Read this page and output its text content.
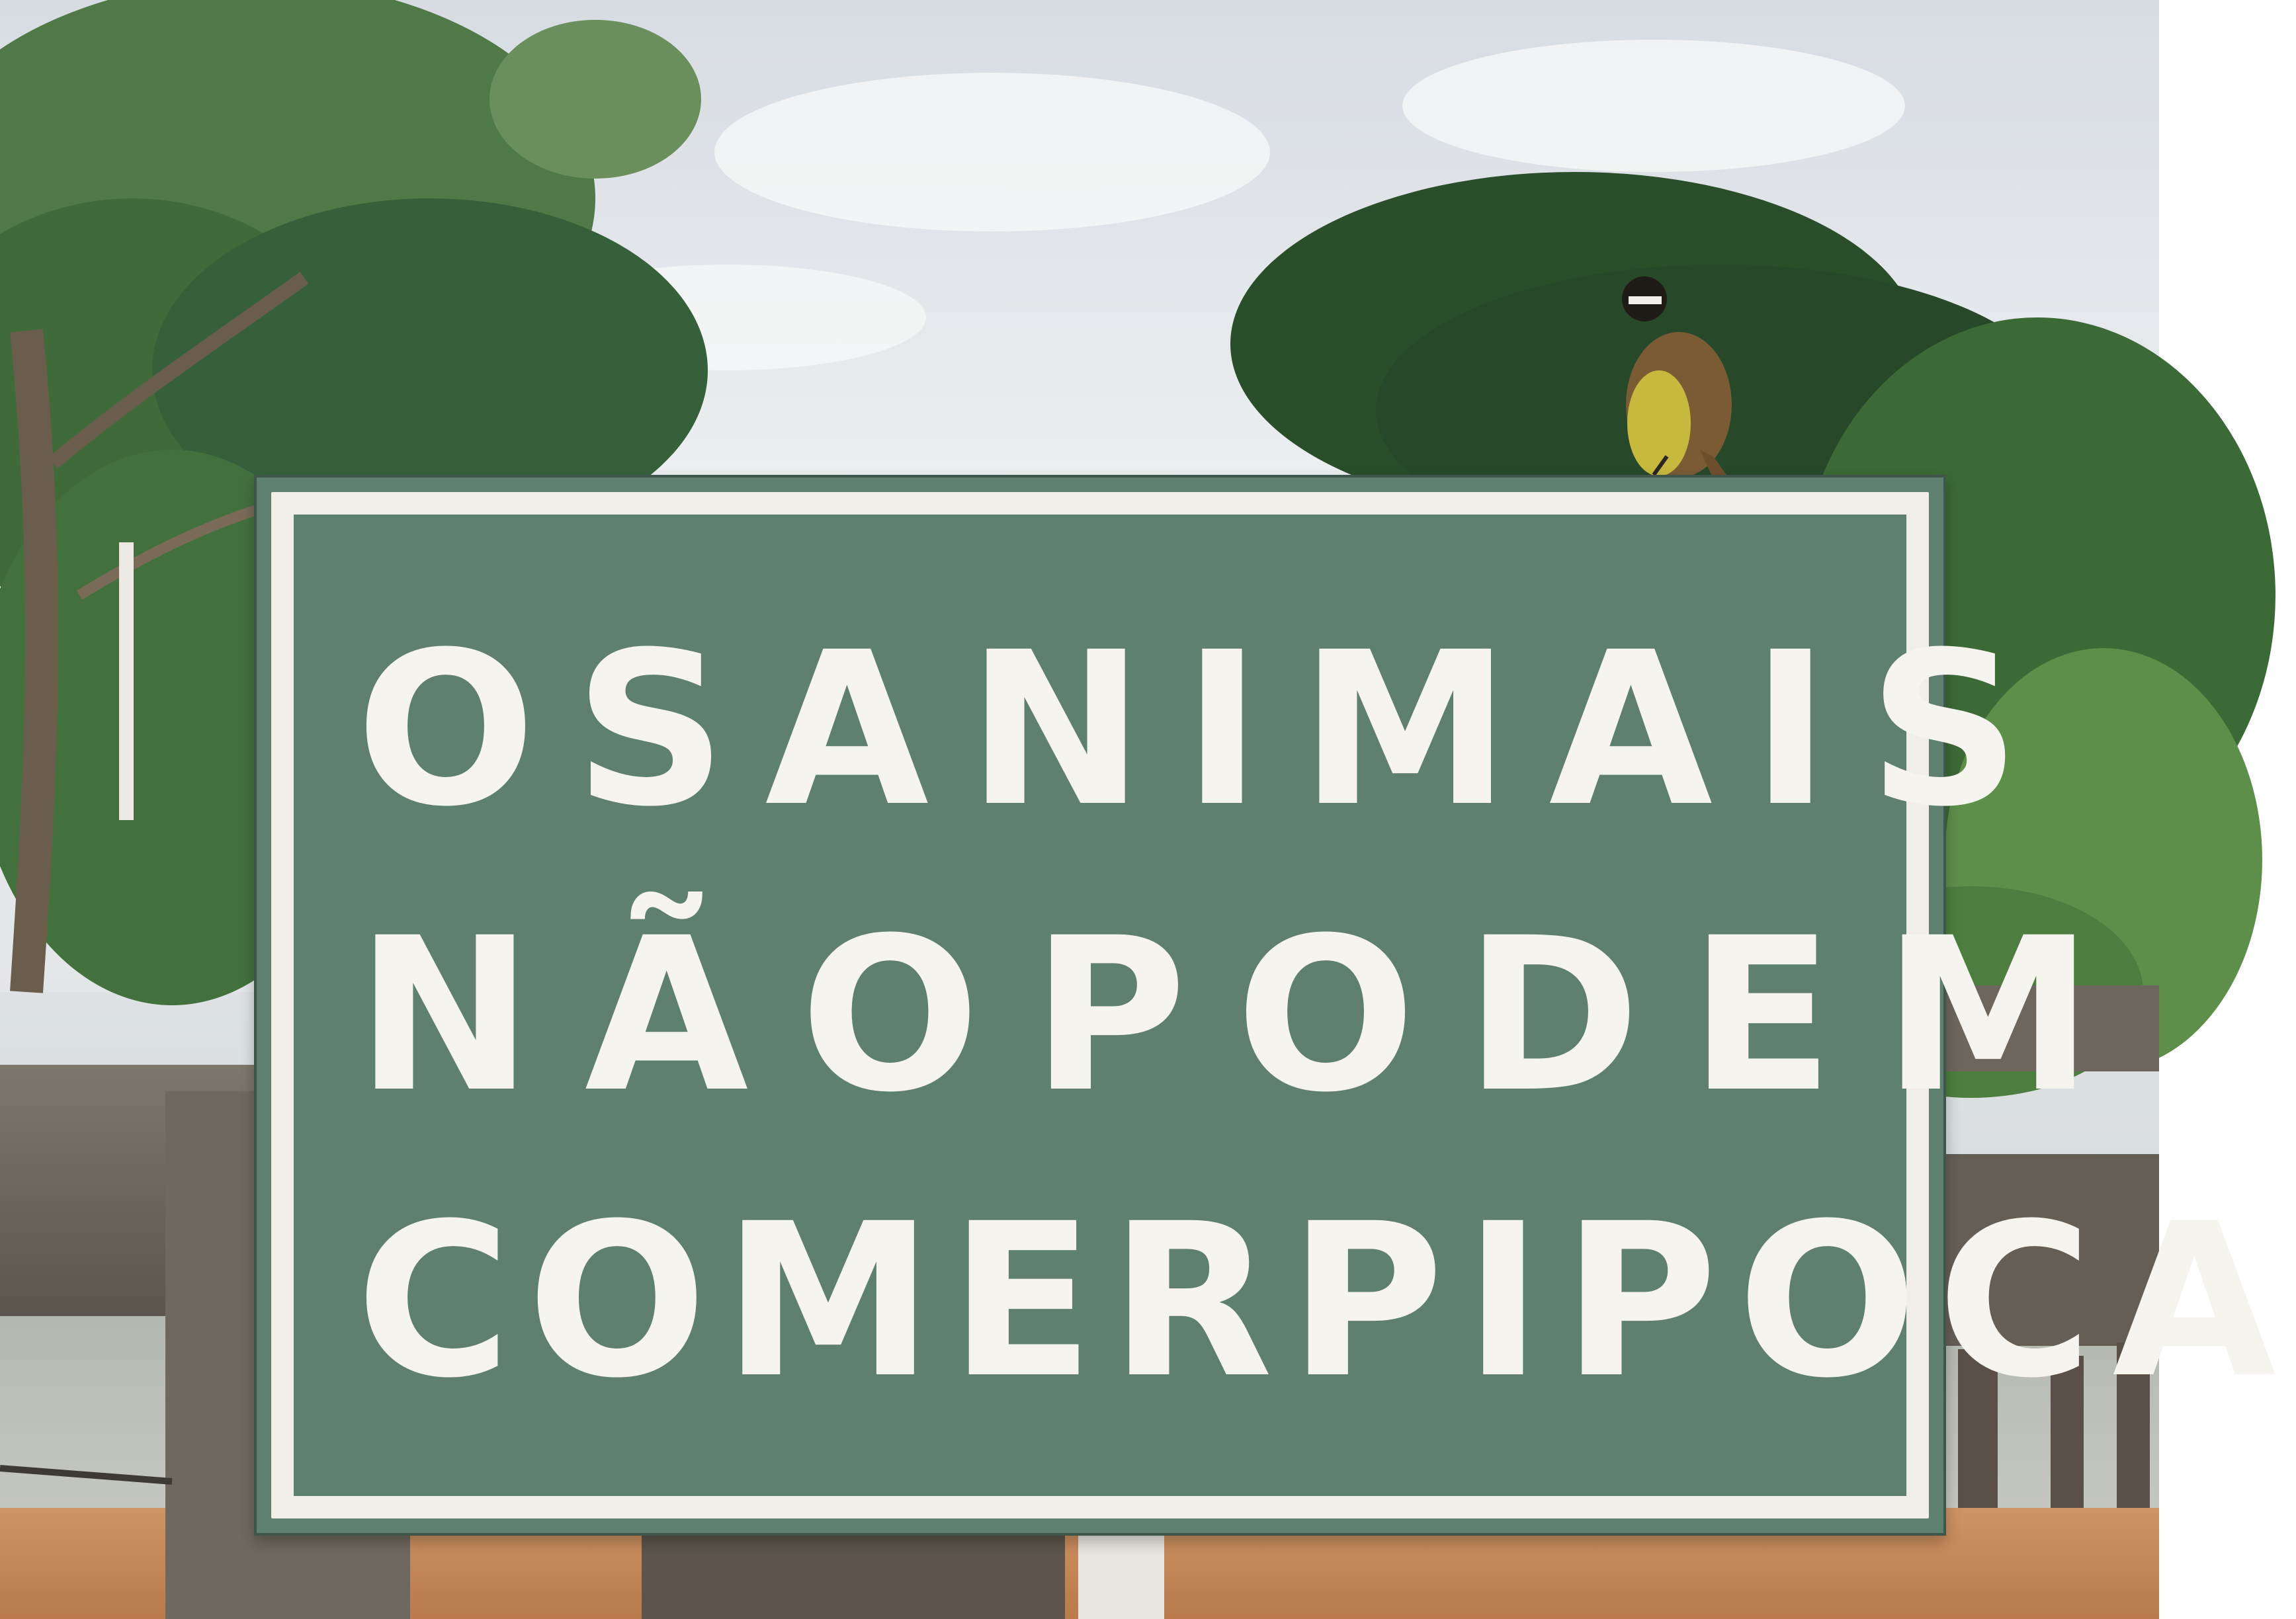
OS ANIMAIS
NÃO PODEM
COMER PIPOCA
